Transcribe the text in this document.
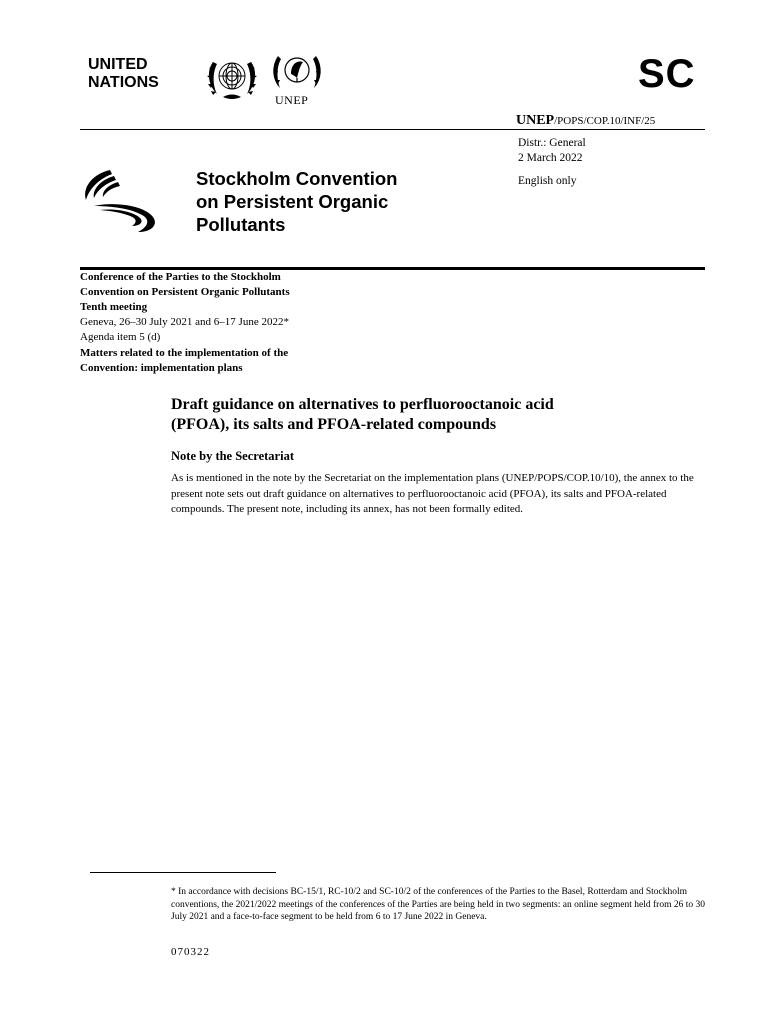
UNITED
NATIONS
UNEP
SC
UNEP/POPS/COP.10/INF/25
Distr.: General
2 March 2022
English only
Stockholm Convention
on Persistent Organic
Pollutants
Conference of the Parties to the Stockholm
Convention on Persistent Organic Pollutants
Tenth meeting
Geneva, 26–30 July 2021 and 6–17 June 2022*
Agenda item 5 (d)
Matters related to the implementation of the
Convention: implementation plans
Draft guidance on alternatives to perfluorooctanoic acid
(PFOA), its salts and PFOA-related compounds
Note by the Secretariat
As is mentioned in the note by the Secretariat on the implementation plans (UNEP/POPS/COP.10/10), the annex to the present note sets out draft guidance on alternatives to perfluorooctanoic acid (PFOA), its salts and PFOA-related compounds. The present note, including its annex, has not been formally edited.
* In accordance with decisions BC-15/1, RC-10/2 and SC-10/2 of the conferences of the Parties to the Basel, Rotterdam and Stockholm conventions, the 2021/2022 meetings of the conferences of the Parties are being held in two segments: an online segment held from 26 to 30 July 2021 and a face-to-face segment to be held from 6 to 17 June 2022 in Geneva.
070322
